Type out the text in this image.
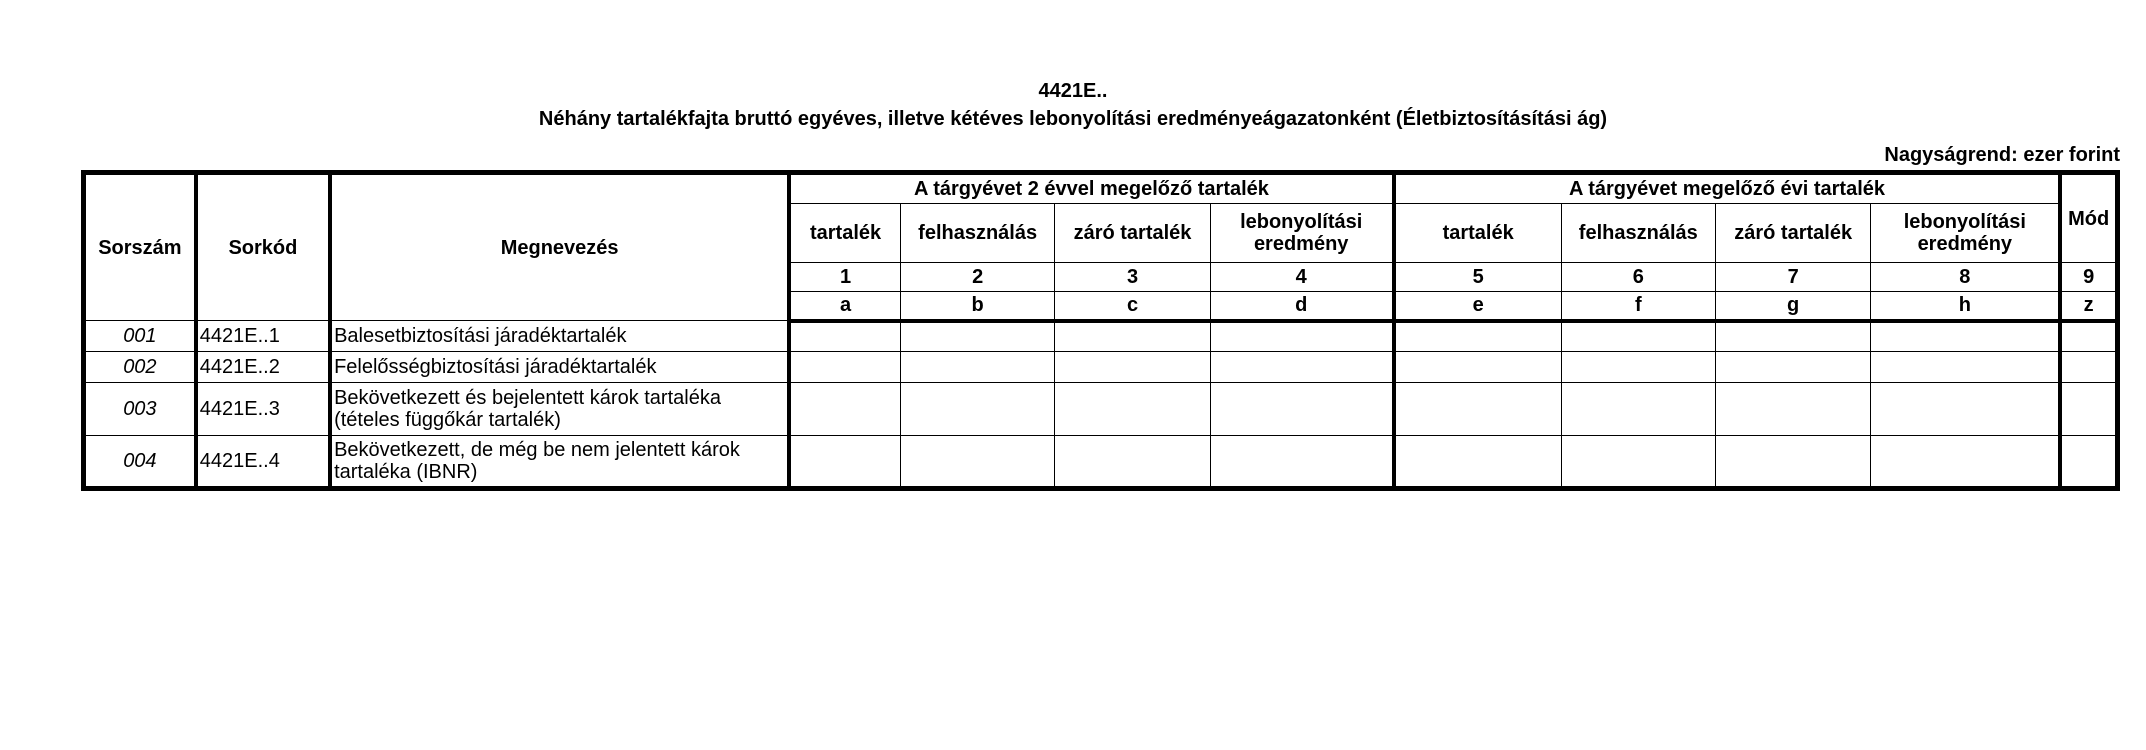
4421E..
Néhány tartalékfajta bruttó egyéves, illetve kétéves lebonyolítási eredményeágazatonként (Életbiztosításítási ág)
Nagyságrend: ezer forint
Sorszám	Sorkód	Megnevezés	A tárgyévet 2 évvel megelőző tartalék				A tárgyévet megelőző évi tartalék				Mód
			tartalék	felhasználás	záró tartalék	lebonyolítási eredmény	tartalék	felhasználás	záró tartalék	lebonyolítási eredmény	
			1	2	3	4	5	6	7	8	9
			a	b	c	d	e	f	g	h	z
001	4421E..1	Balesetbiztosítási járadéktartalék									
002	4421E..2	Felelősségbiztosítási járadéktartalék									
003	4421E..3	Bekövetkezett és bejelentett károk tartaléka (tételes függőkár tartalék)									
004	4421E..4	Bekövetkezett, de még be nem jelentett károk tartaléka (IBNR)									
